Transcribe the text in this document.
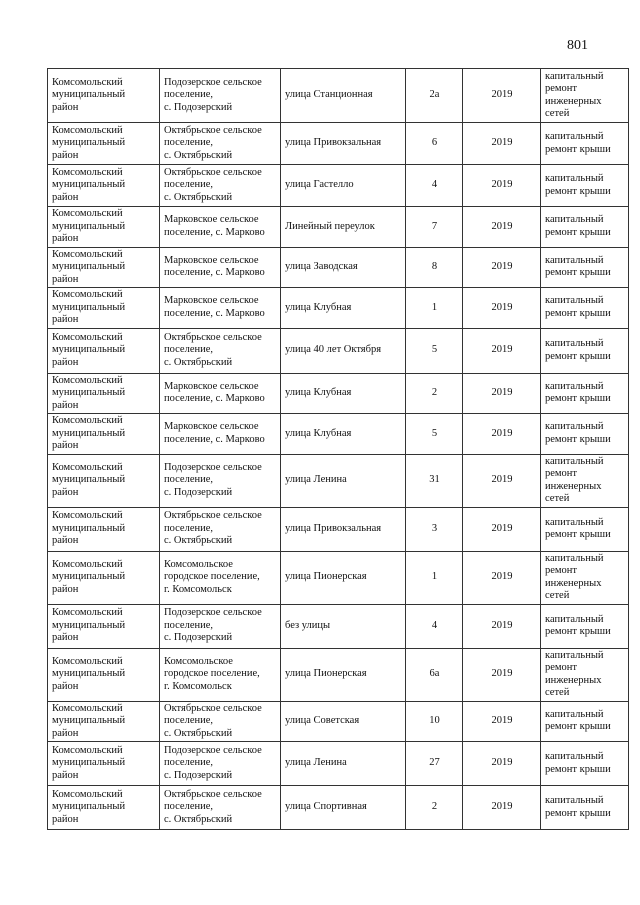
801
Комсомольский
муниципальный
район	Подозерское сельское
поселение,
с. Подозерский	улица Станционная	2а	2019	капитальный
ремонт
инженерных
сетей

Комсомольский
муниципальный
район	Октябрьское сельское
поселение,
с. Октябрьский	улица Привокзальная	6	2019	капитальный
ремонт крыши

Комсомольский
муниципальный
район	Октябрьское сельское
поселение,
с. Октябрьский	улица Гастелло	4	2019	капитальный
ремонт крыши

Комсомольский
муниципальный
район	Марковское сельское
поселение, с. Марково	Линейный переулок	7	2019	капитальный
ремонт крыши

Комсомольский
муниципальный
район	Марковское сельское
поселение, с. Марково	улица Заводская	8	2019	капитальный
ремонт крыши

Комсомольский
муниципальный
район	Марковское сельское
поселение, с. Марково	улица Клубная	1	2019	капитальный
ремонт крыши

Комсомольский
муниципальный
район	Октябрьское сельское
поселение,
с. Октябрьский	улица 40 лет Октября	5	2019	капитальный
ремонт крыши

Комсомольский
муниципальный
район	Марковское сельское
поселение, с. Марково	улица Клубная	2	2019	капитальный
ремонт крыши

Комсомольский
муниципальный
район	Марковское сельское
поселение, с. Марково	улица Клубная	5	2019	капитальный
ремонт крыши

Комсомольский
муниципальный
район	Подозерское сельское
поселение,
с. Подозерский	улица Ленина	31	2019	капитальный
ремонт
инженерных
сетей

Комсомольский
муниципальный
район	Октябрьское сельское
поселение,
с. Октябрьский	улица Привокзальная	3	2019	капитальный
ремонт крыши

Комсомольский
муниципальный
район	Комсомольское
городское поселение,
г. Комсомольск	улица Пионерская	1	2019	капитальный
ремонт
инженерных
сетей

Комсомольский
муниципальный
район	Подозерское сельское
поселение,
с. Подозерский	без улицы	4	2019	капитальный
ремонт крыши

Комсомольский
муниципальный
район	Комсомольское
городское поселение,
г. Комсомольск	улица Пионерская	6а	2019	капитальный
ремонт
инженерных
сетей

Комсомольский
муниципальный
район	Октябрьское сельское
поселение,
с. Октябрьский	улица Советская	10	2019	капитальный
ремонт крыши

Комсомольский
муниципальный
район	Подозерское сельское
поселение,
с. Подозерский	улица Ленина	27	2019	капитальный
ремонт крыши

Комсомольский
муниципальный
район	Октябрьское сельское
поселение,
с. Октябрьский	улица Спортивная	2	2019	капитальный
ремонт крыши
